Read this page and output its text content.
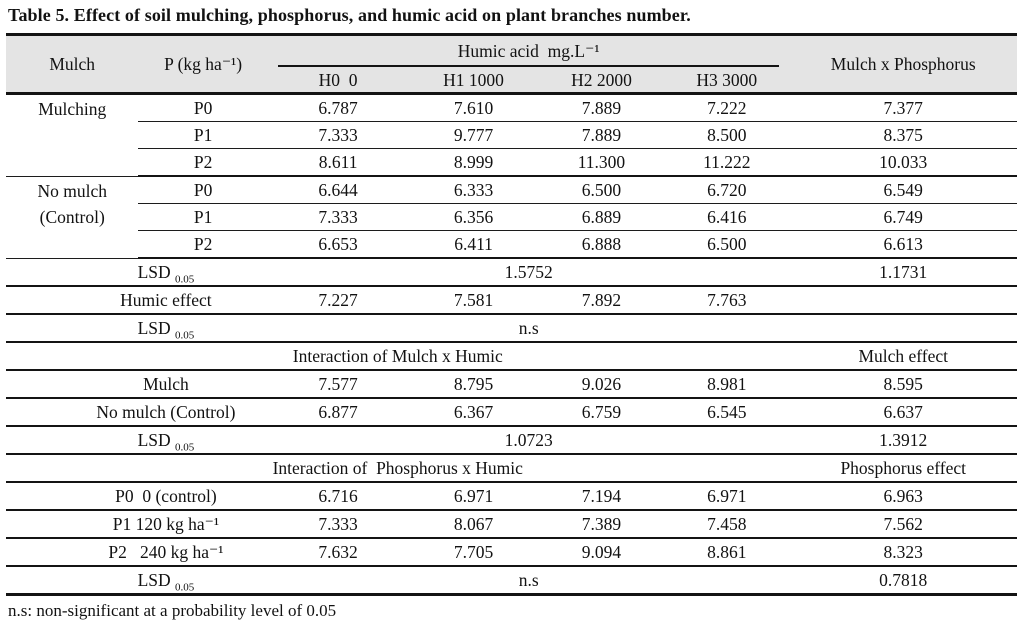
Table 5. Effect of soil mulching, phosphorus, and humic acid on plant branches number.
Mulch	P (kg ha⁻¹)	Humic acid  mg.L⁻¹				Mulch x Phosphorus
		H0  0	H1 1000	H2 2000	H3 3000	
Mulching	P0	6.787	7.610	7.889	7.222	7.377
	P1	7.333	9.777	7.889	8.500	8.375
	P2	8.611	8.999	11.300	11.222	10.033
No mulch (Control)	P0	6.644	6.333	6.500	6.720	6.549
	P1	7.333	6.356	6.889	6.416	6.749
	P2	6.653	6.411	6.888	6.500	6.613
LSD $_{0.05}$		1.5752				1.1731
Humic effect		7.227	7.581	7.892	7.763	
LSD $_{0.05}$		n.s				
Interaction of Mulch x Humic						Mulch effect
Mulch		7.577	8.795	9.026	8.981	8.595
No mulch (Control)		6.877	6.367	6.759	6.545	6.637
LSD $_{0.05}$		1.0723				1.3912
Interaction of  Phosphorus x Humic						Phosphorus effect
P0  0 (control)		6.716	6.971	7.194	6.971	6.963
P1 120 kg ha⁻¹		7.333	8.067	7.389	7.458	7.562
P2   240 kg ha⁻¹		7.632	7.705	9.094	8.861	8.323
LSD $_{0.05}$		n.s				0.7818
n.s: non-significant at a probability level of 0.05
